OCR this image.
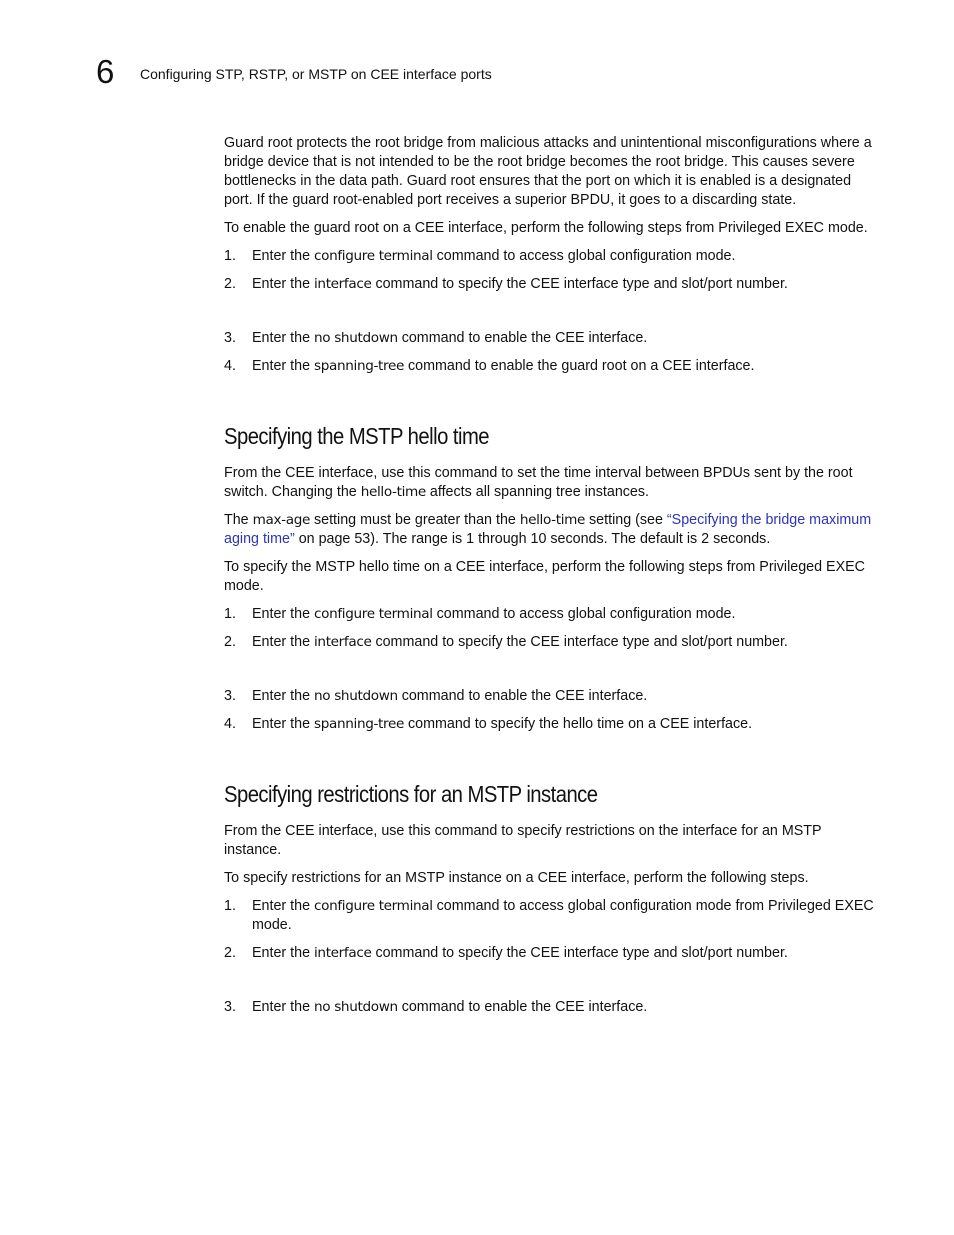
6 Configuring STP, RSTP, or MSTP on CEE interface ports

Guard root protects the root bridge from malicious attacks and unintentional misconfigurations where a bridge device that is not intended to be the root bridge becomes the root bridge. This causes severe bottlenecks in the data path. Guard root ensures that the port on which it is enabled is a designated port. If the guard root-enabled port receives a superior BPDU, it goes to a discarding state.

To enable the guard root on a CEE interface, perform the following steps from Privileged EXEC mode.

1. Enter the configure terminal command to access global configuration mode.
2. Enter the interface command to specify the CEE interface type and slot/port number.
3. Enter the no shutdown command to enable the CEE interface.
4. Enter the spanning-tree command to enable the guard root on a CEE interface.
Specifying the MSTP hello time

From the CEE interface, use this command to set the time interval between BPDUs sent by the root switch. Changing the hello-time affects all spanning tree instances.

The max-age setting must be greater than the hello-time setting (see “Specifying the bridge maximum aging time” on page 53). The range is 1 through 10 seconds. The default is 2 seconds.

To specify the MSTP hello time on a CEE interface, perform the following steps from Privileged EXEC mode.

1. Enter the configure terminal command to access global configuration mode.
2. Enter the interface command to specify the CEE interface type and slot/port number.
3. Enter the no shutdown command to enable the CEE interface.
4. Enter the spanning-tree command to specify the hello time on a CEE interface.
Specifying restrictions for an MSTP instance

From the CEE interface, use this command to specify restrictions on the interface for an MSTP instance.

To specify restrictions for an MSTP instance on a CEE interface, perform the following steps.

1. Enter the configure terminal command to access global configuration mode from Privileged EXEC mode.
2. Enter the interface command to specify the CEE interface type and slot/port number.
3. Enter the no shutdown command to enable the CEE interface.
